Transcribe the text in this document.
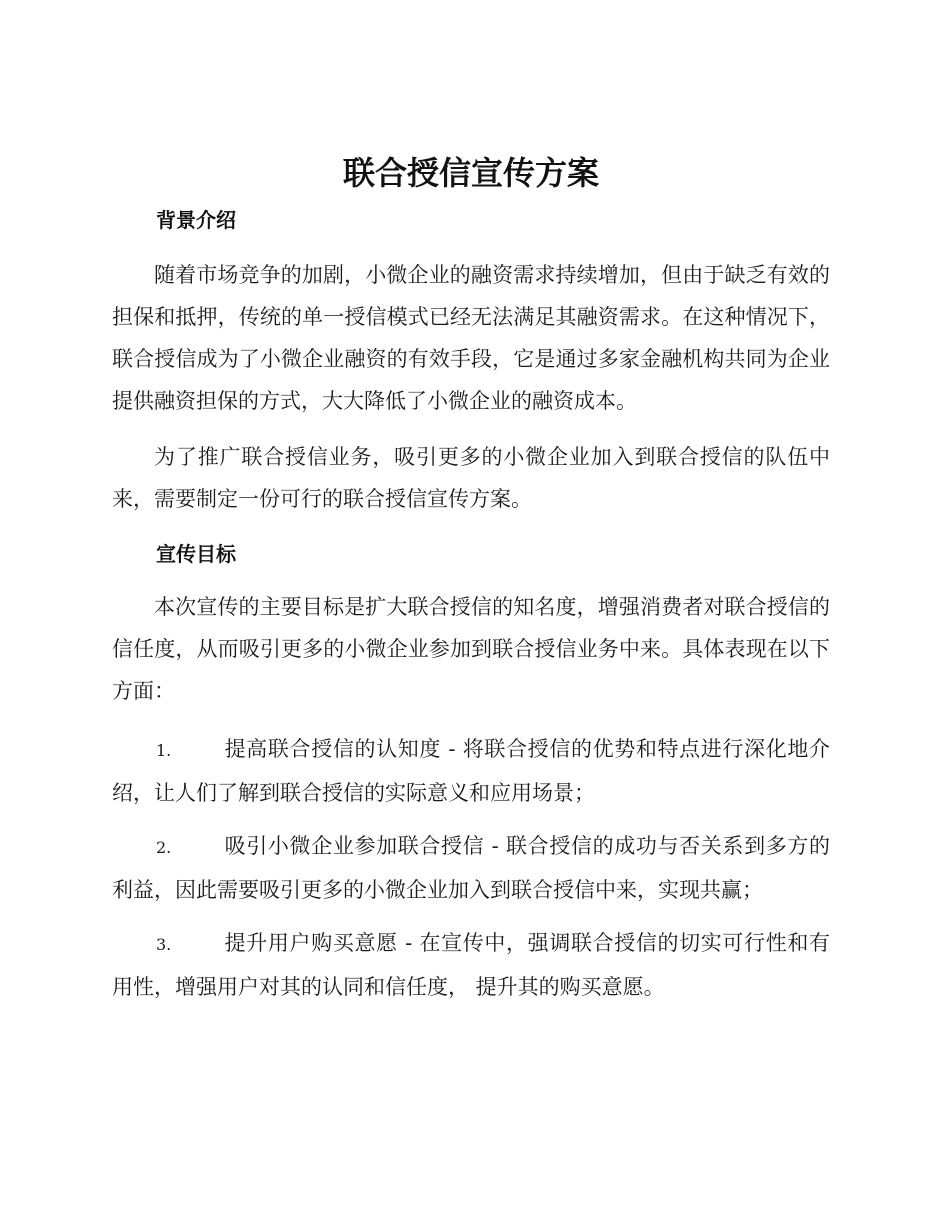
联合授信宣传方案
背景介绍

随着市场竞争的加剧，小微企业的融资需求持续增加，但由于缺乏有效的担保和抵押，传统的单一授信模式已经无法满足其融资需求。在这种情况下，联合授信成为了小微企业融资的有效手段，它是通过多家金融机构共同为企业提供融资担保的方式，大大降低了小微企业的融资成本。

为了推广联合授信业务，吸引更多的小微企业加入到联合授信的队伍中来，需要制定一份可行的联合授信宣传方案。

宣传目标

本次宣传的主要目标是扩大联合授信的知名度，增强消费者对联合授信的信任度，从而吸引更多的小微企业参加到联合授信业务中来。具体表现在以下方面：

1.	提高联合授信的认知度 - 将联合授信的优势和特点进行深化地介绍，让人们了解到联合授信的实际意义和应用场景；

2.	吸引小微企业参加联合授信 - 联合授信的成功与否关系到多方的利益，因此需要吸引更多的小微企业加入到联合授信中来，实现共赢；

3.	提升用户购买意愿 - 在宣传中，强调联合授信的切实可行性和有用性，增强用户对其的认同和信任度， 提升其的购买意愿。
